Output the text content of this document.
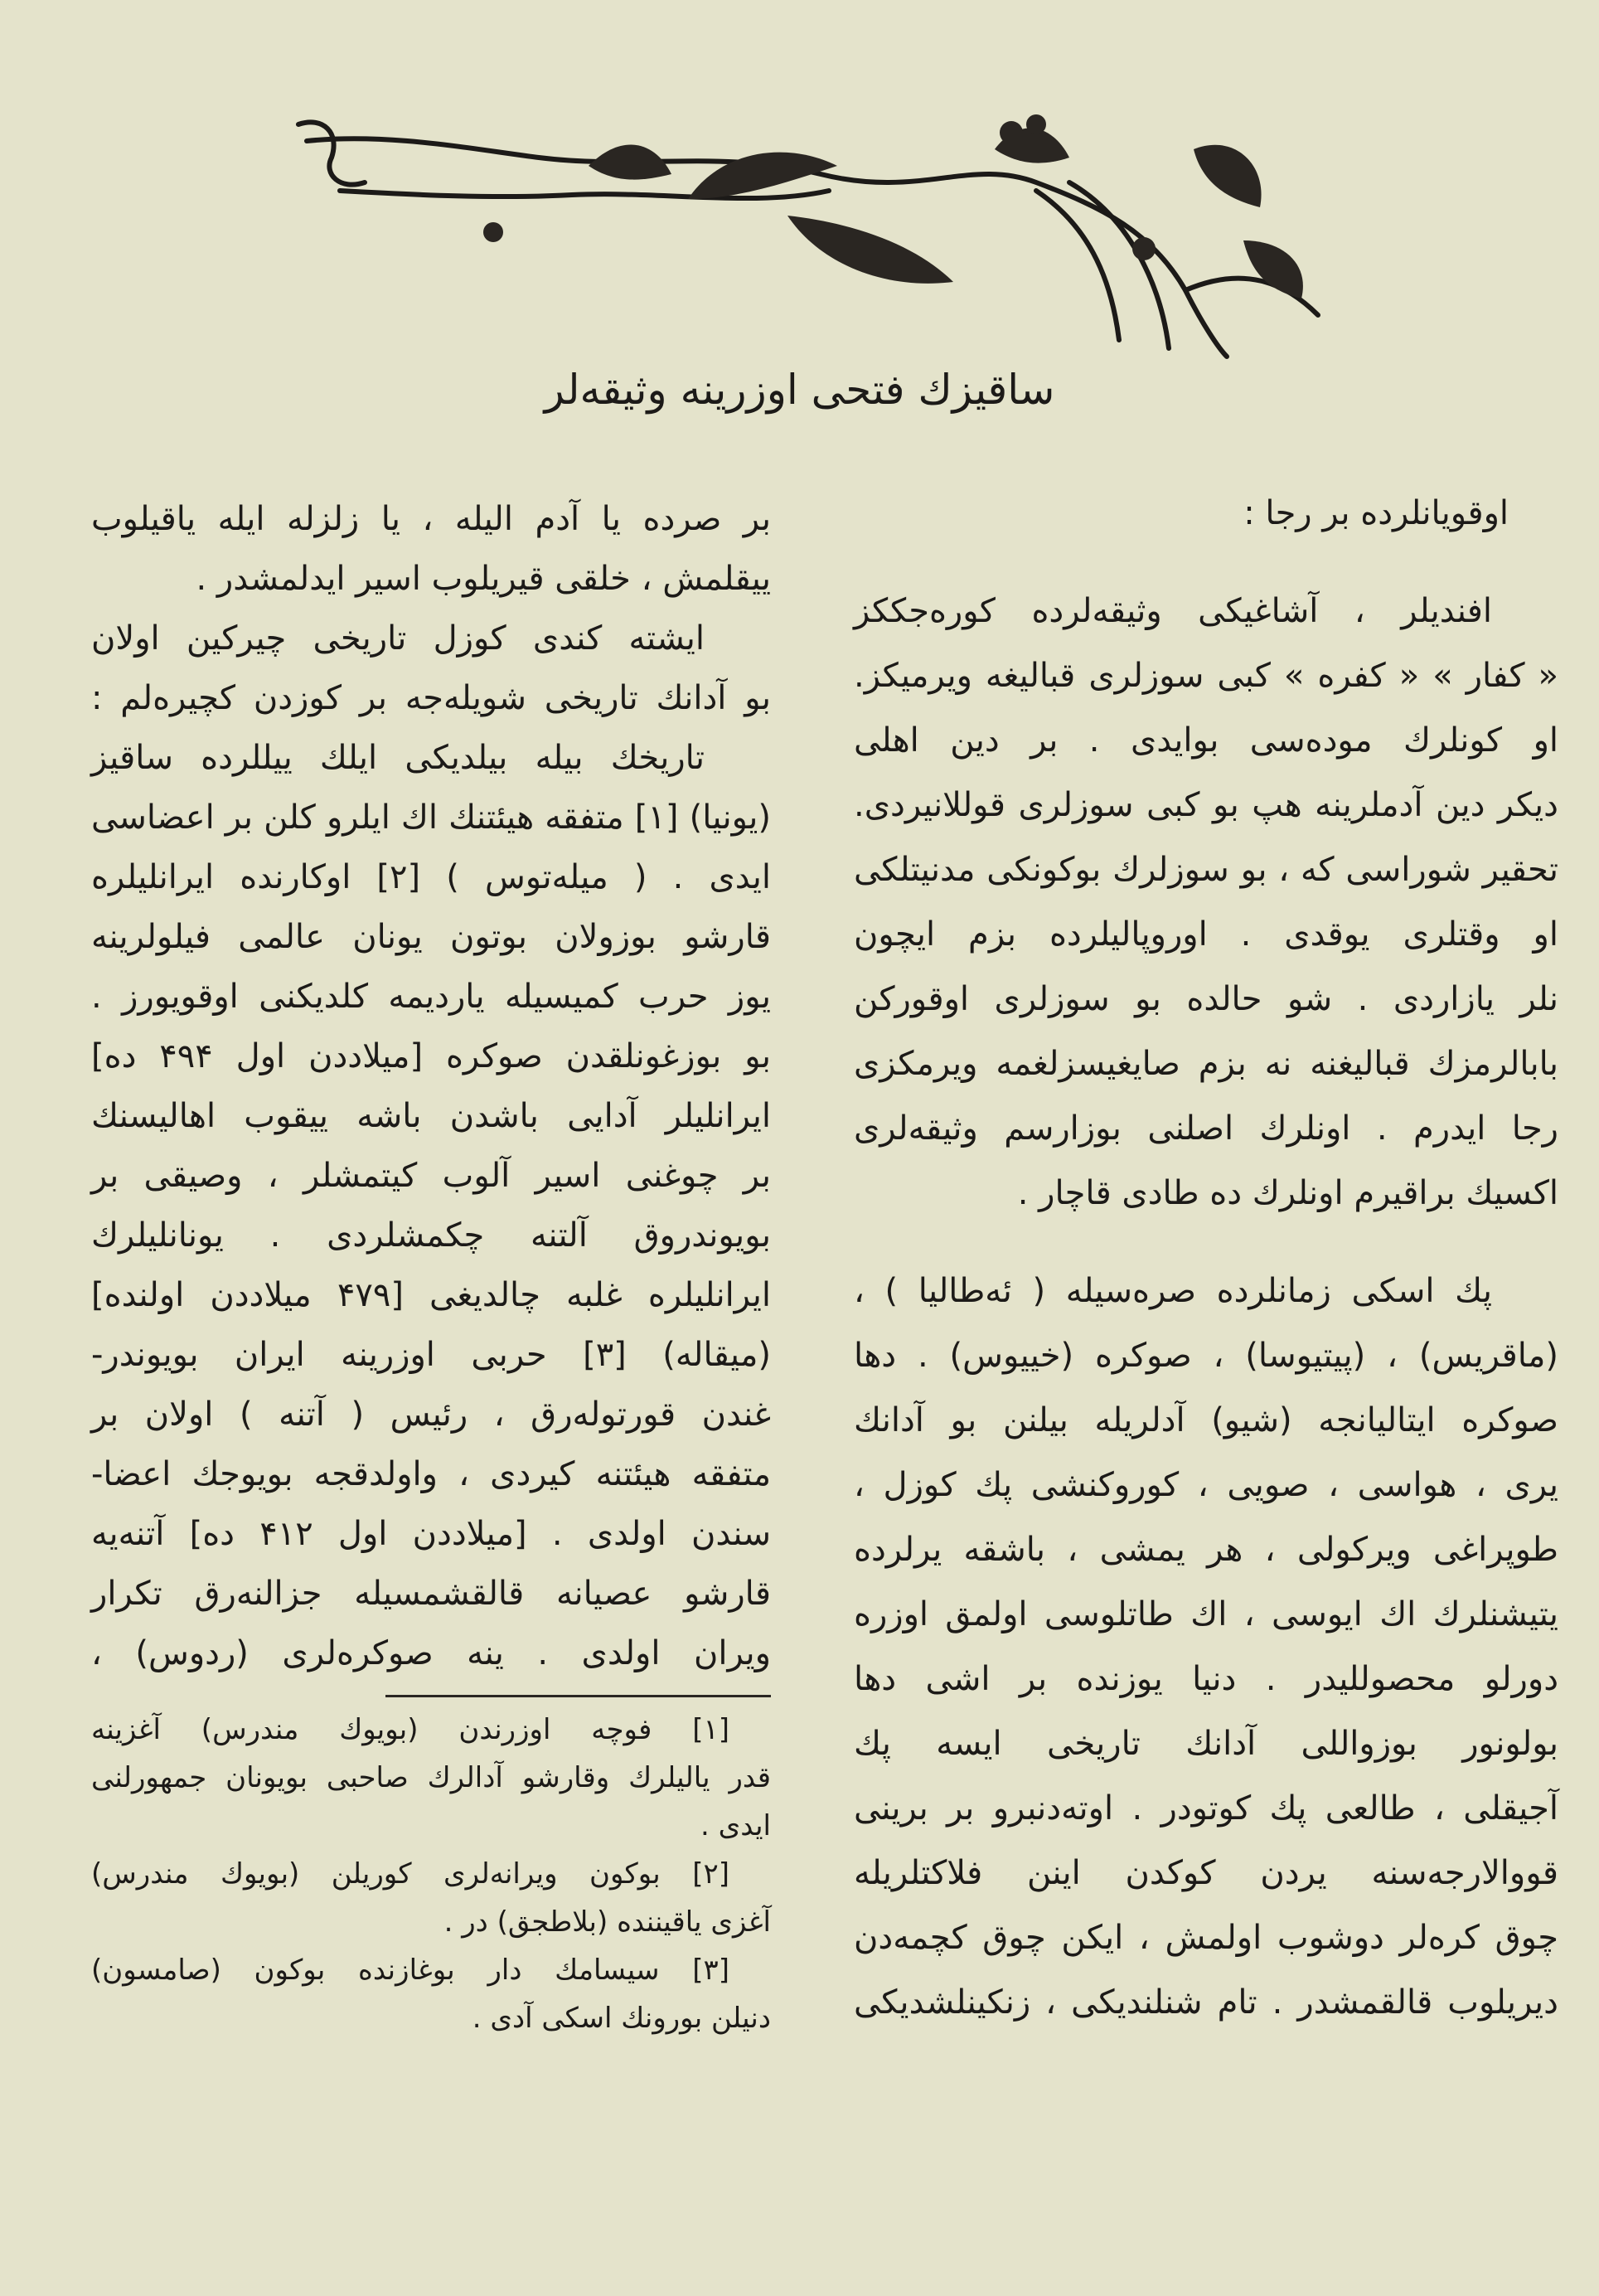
ساقيزك فتحى اوزرينه وثيقه‌لر
اوقويانلرده بر رجا :
افنديلر ، آشاغيكى وثيقه‌لرده كوره‌جككز
« كفار » « كفره » كبى سوزلرى قباليغه ويرميكز.
او كونلرك موده‌سى بوايدى . بر دين اهلى
ديكر دين آدملرينه هپ بو كبى سوزلرى قوللانيردى.
تحقير شوراسى كه ، بو سوزلرك بوكونكى مدنيتلكى
او وقتلرى يوقدى . اوروپاليلرده بزم ايچون
نلر يازاردى . شو حالده بو سوزلرى اوقوركن
بابالرمزك قباليغنه نه بزم صايغيسزلغمه ويرمكزى
رجا ايدرم . اونلرك اصلنى بوزارسم وثيقه‌لرى
اكسيك براقيرم اونلرك ده طادى قاچار .
پك اسكى زمانلرده صره‌سيله ( ئه‌طاليا ) ،
(ماقريس) ، (پيتيوسا) ، صوكره (خييوس) . دها
صوكره ايتاليانجه (شيو) آدلريله بيلنن بو آدانك
يرى ، هواسى ، صويى ، كوروكنشى پك كوزل ،
طوپراغى ويركولى ، هر يمشى ، باشقه يرلرده
يتيشنلرك اك ايوسى ، اك طاتلوسى اولمق اوزره
دورلو محصولليدر . دنيا يوزنده بر اشى دها
بولونور بوزواللى آدانك تاريخى ايسه پك
آجيقلى ، طالعى پك كوتودر . اوته‌دنبرو بر برينى
قووالارجه‌سنه يردن كوكدن اينن فلاكتلريله
چوق كره‌لر دوشوب اولمش ، ايكن چوق كچمه‌دن
ديريلوب قالقمشدر . تام شنلنديكى ، زنكينلشديكى
بر صرده يا آدم اليله ، يا زلزله ايله ياقيلوب
ييقلمش ، خلقى قيريلوب اسير ايدلمشدر .
ايشته كندى كوزل تاريخى چيركين اولان
بو آدانك تاريخى شويله‌جه بر كوزدن كچيره‌لم :
تاريخك بيله بيلديكى ايلك ييللرده ساقيز
(يونيا) [۱] متفقه هيئتنك اك ايلرو كلن بر اعضاسى
ايدى . ( ميله‌توس ) [۲] اوكارنده ايرانليلره
قارشو بوزولان بوتون يونان عالمى فيلولرينه
يوز حرب كميسيله يارديمه كلديكنى اوقويورز .
بو بوزغونلقدن صوكره [ميلاددن اول ۴۹۴ ده]
ايرانليلر آدايى باشدن باشه ييقوب اهاليسنك
بر چوغنى اسير آلوب كيتمشلر ، وصيقى بر
بويوندروق آلتنه چكمشلردى . يونانليلرك
ايرانليلره غلبه چالديغى [۴۷۹ ميلاددن اولنده]
(ميقاله) [۳] حربى اوزرينه ايران بويوندر-
غندن قورتوله‌رق ، رئيس ( آتنه ) اولان بر
متفقه هيئتنه كيردى ، واولدقجه بويوجك اعضا-
سندن اولدى . [ميلاددن اول ۴۱۲ ده] آتنه‌يه
قارشو عصيانه قالقشمسيله جزالنه‌رق تكرار
ويران اولدى . ينه صوكره‌لرى (ردوس) ،
[۱] فوچه اوزرندن (بويوك مندرس) آغزينه
قدر ياليلرك وقارشو آدالرك صاحبى بويونان جمهورلنى
ايدى .
[۲] بوكون ويرانه‌لرى كوريلن (بويوك مندرس)
آغزى ياقيننده (بلاطجق) در .
[۳] سيسامك دار بوغازنده بوكون (صامسون)
دنيلن بورونك اسكى آدى .
